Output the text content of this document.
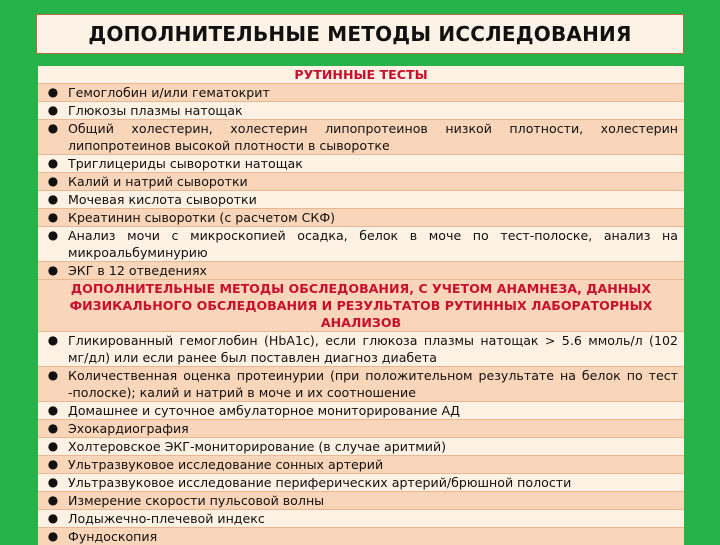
ДОПОЛНИТЕЛЬНЫЕ МЕТОДЫ ИССЛЕДОВАНИЯ
РУТИННЫЕ ТЕСТЫ
● Гемоглобин и/или гематокрит
● Глюкозы плазмы натощак
● Общий холестерин, холестерин липопротеинов низкой плотности, холестерин липопротеинов высокой плотности в сыворотке
● Триглицериды сыворотки натощак
● Калий и натрий сыворотки
● Мочевая кислота сыворотки
● Креатинин сыворотки (с расчетом СКФ)
● Анализ мочи с микроскопией осадка, белок в моче по тест-полоске, анализ на микроальбуминурию
● ЭКГ в 12 отведениях
ДОПОЛНИТЕЛЬНЫЕ МЕТОДЫ ОБСЛЕДОВАНИЯ, С УЧЕТОМ АНАМНЕЗА, ДАННЫХ ФИЗИКАЛЬНОГО ОБСЛЕДОВАНИЯ И РЕЗУЛЬТАТОВ РУТИННЫХ ЛАБОРАТОРНЫХ АНАЛИЗОВ
● Гликированный гемоглобин (HbA1c), если глюкоза плазмы натощак > 5.6 ммоль/л (102 мг/дл) или если ранее был поставлен диагноз диабета
● Количественная оценка протеинурии (при положительном результате на белок по тест -полоске); калий и натрий в моче и их соотношение
● Домашнее и суточное амбулаторное мониторирование АД
● Эхокардиография
● Холтеровское ЭКГ-мониторирование (в случае аритмий)
● Ультразвуковое исследование сонных артерий
● Ультразвуковое исследование периферических артерий/брюшной полости
● Измерение скорости пульсовой волны
● Лодыжечно-плечевой индекс
● Фундоскопия
